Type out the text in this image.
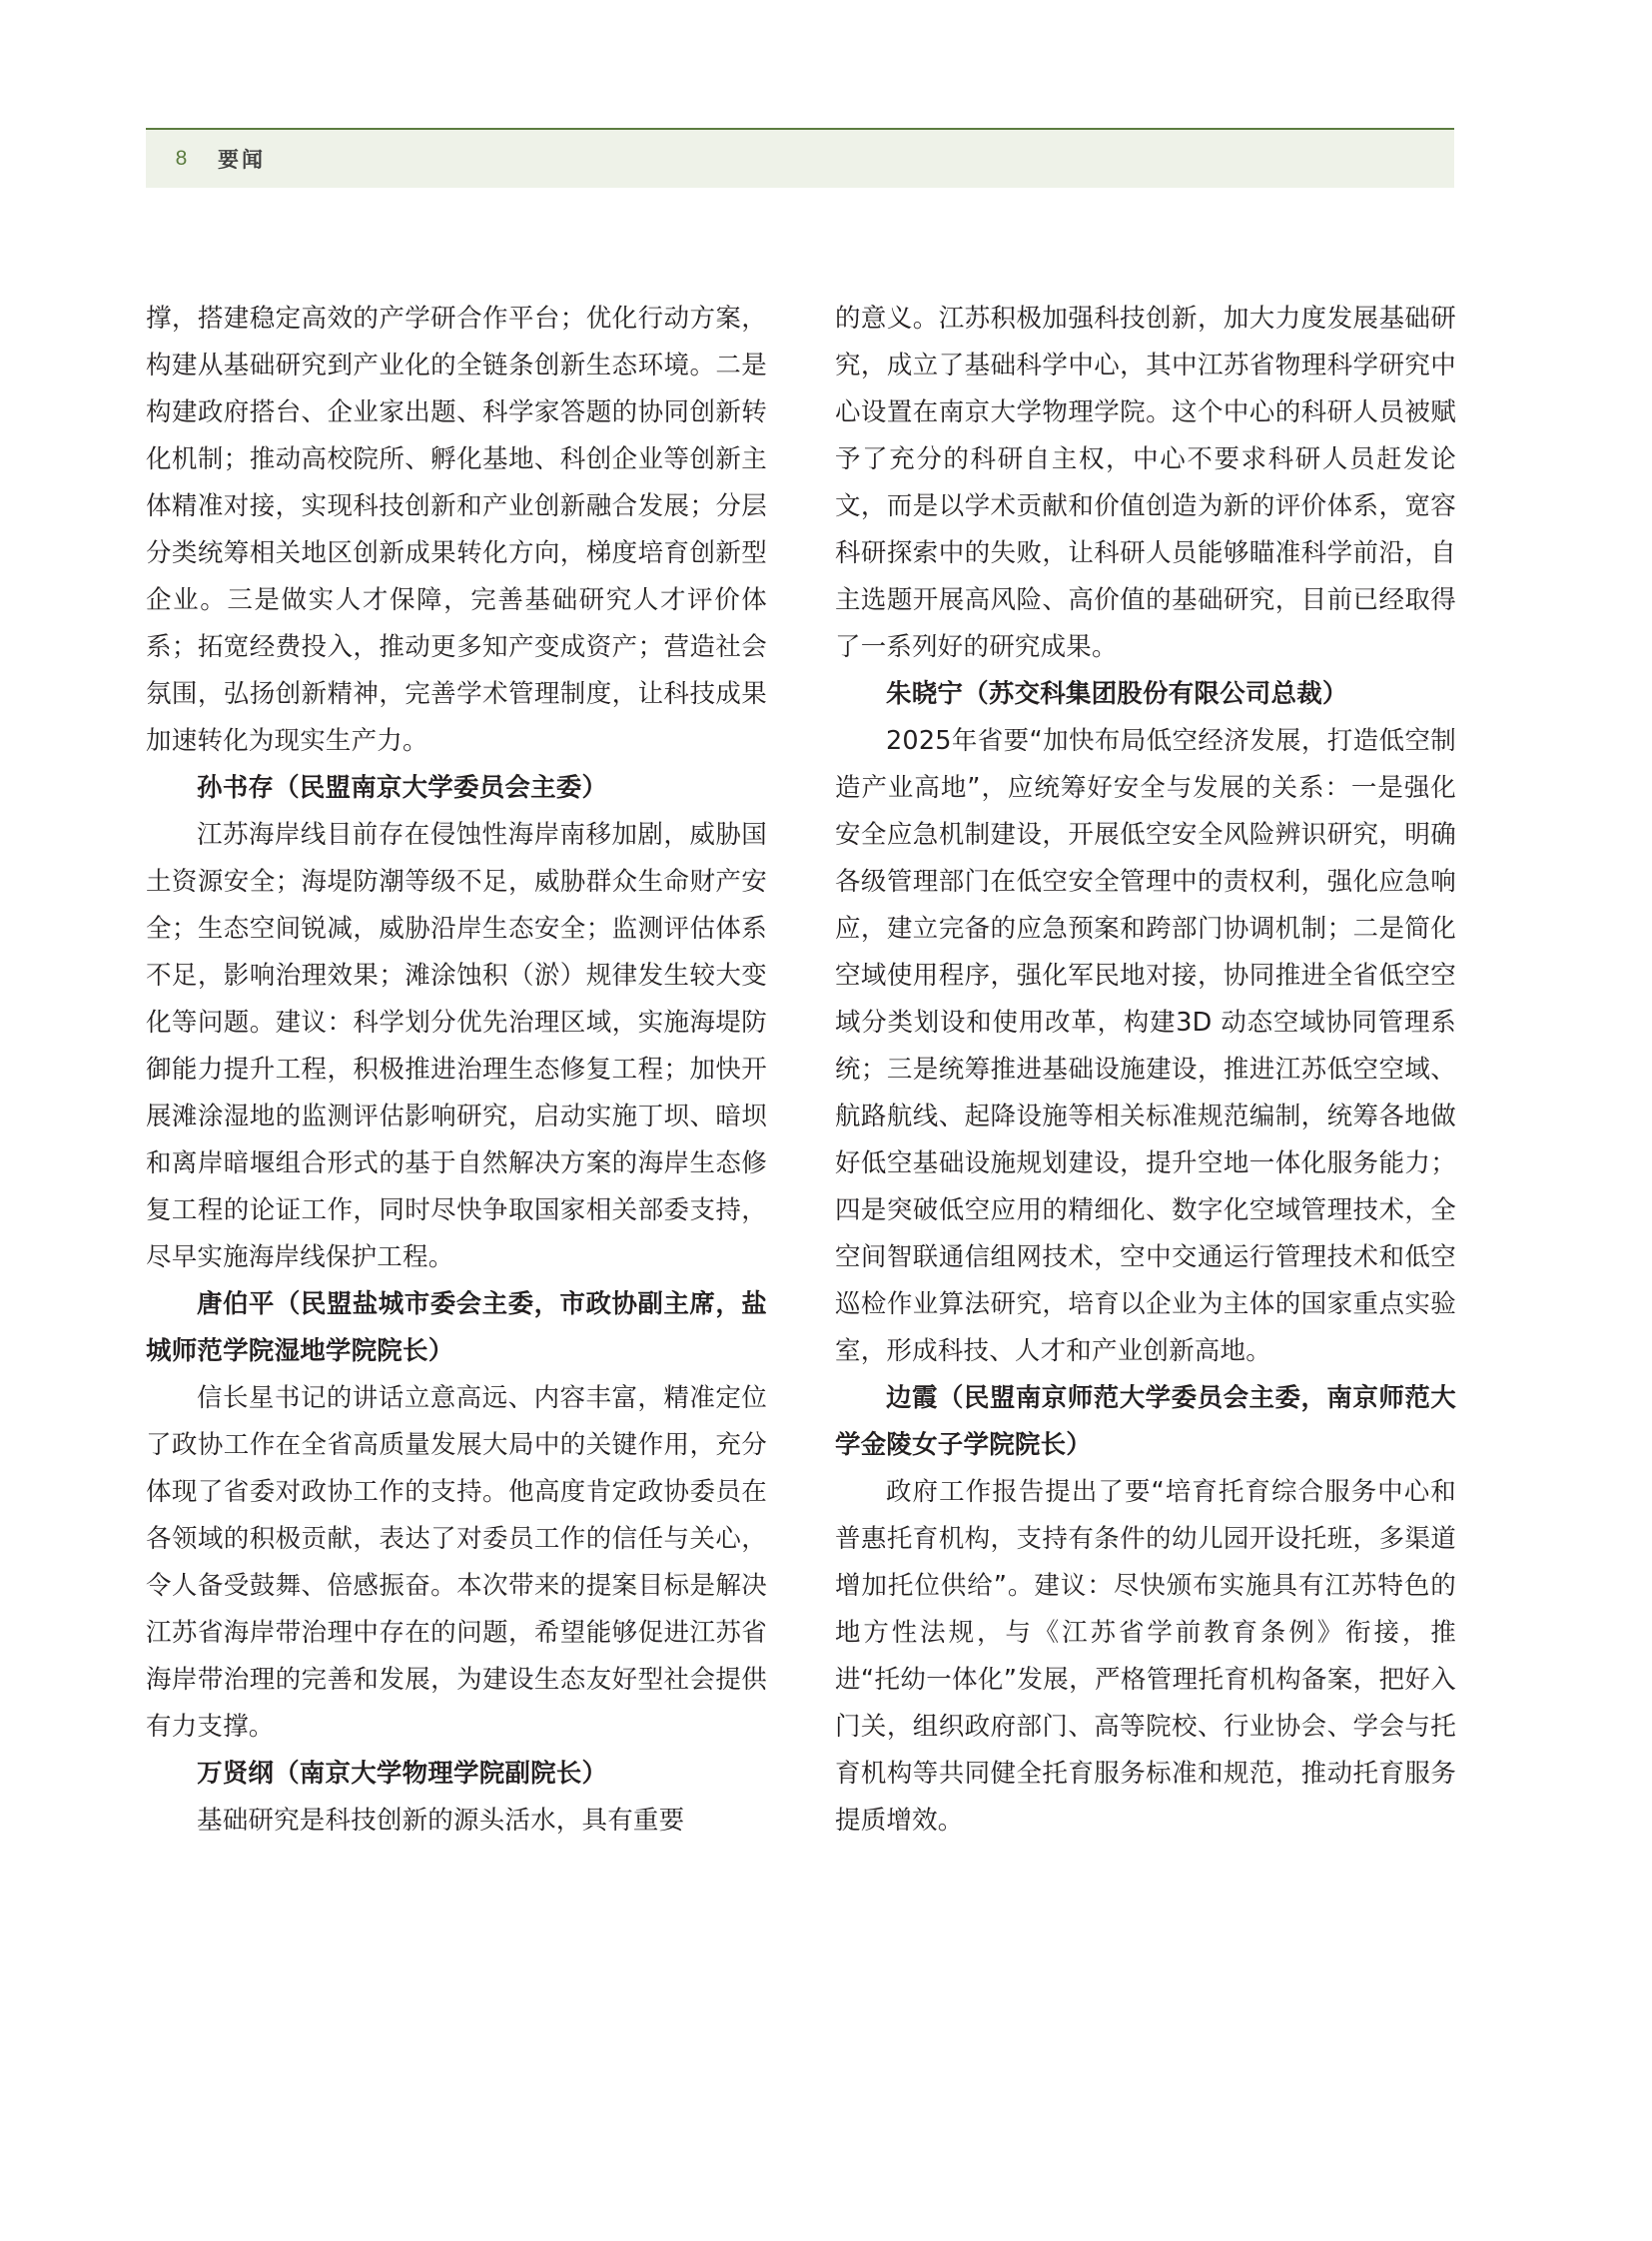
8	要闻

撑，搭建稳定高效的产学研合作平台；优化行动方案，构建从基础研究到产业化的全链条创新生态环境。二是构建政府搭台、企业家出题、科学家答题的协同创新转化机制；推动高校院所、孵化基地、科创企业等创新主体精准对接，实现科技创新和产业创新融合发展；分层分类统筹相关地区创新成果转化方向，梯度培育创新型企业。三是做实人才保障，完善基础研究人才评价体系；拓宽经费投入，推动更多知产变成资产；营造社会氛围，弘扬创新精神，完善学术管理制度，让科技成果加速转化为现实生产力。

孙书存（民盟南京大学委员会主委）

江苏海岸线目前存在侵蚀性海岸南移加剧，威胁国土资源安全；海堤防潮等级不足，威胁群众生命财产安全；生态空间锐减，威胁沿岸生态安全；监测评估体系不足，影响治理效果；滩涂蚀积（淤）规律发生较大变化等问题。建议：科学划分优先治理区域，实施海堤防御能力提升工程，积极推进治理生态修复工程；加快开展滩涂湿地的监测评估影响研究，启动实施丁坝、暗坝和离岸暗堰组合形式的基于自然解决方案的海岸生态修复工程的论证工作，同时尽快争取国家相关部委支持，尽早实施海岸线保护工程。

唐伯平（民盟盐城市委会主委，市政协副主席，盐城师范学院湿地学院院长）

信长星书记的讲话立意高远、内容丰富，精准定位了政协工作在全省高质量发展大局中的关键作用，充分体现了省委对政协工作的支持。他高度肯定政协委员在各领域的积极贡献，表达了对委员工作的信任与关心，令人备受鼓舞、倍感振奋。本次带来的提案目标是解决江苏省海岸带治理中存在的问题，希望能够促进江苏省海岸带治理的完善和发展，为建设生态友好型社会提供有力支撑。

万贤纲（南京大学物理学院副院长）

基础研究是科技创新的源头活水，具有重要

的意义。江苏积极加强科技创新，加大力度发展基础研究，成立了基础科学中心，其中江苏省物理科学研究中心设置在南京大学物理学院。这个中心的科研人员被赋予了充分的科研自主权，中心不要求科研人员赶发论文，而是以学术贡献和价值创造为新的评价体系，宽容科研探索中的失败，让科研人员能够瞄准科学前沿，自主选题开展高风险、高价值的基础研究，目前已经取得了一系列好的研究成果。

朱晓宁（苏交科集团股份有限公司总裁）

2025年省要“加快布局低空经济发展，打造低空制造产业高地”，应统筹好安全与发展的关系：一是强化安全应急机制建设，开展低空安全风险辨识研究，明确各级管理部门在低空安全管理中的责权利，强化应急响应，建立完备的应急预案和跨部门协调机制；二是简化空域使用程序，强化军民地对接，协同推进全省低空空域分类划设和使用改革，构建3D 动态空域协同管理系统；三是统筹推进基础设施建设，推进江苏低空空域、航路航线、起降设施等相关标准规范编制，统筹各地做好低空基础设施规划建设，提升空地一体化服务能力；四是突破低空应用的精细化、数字化空域管理技术，全空间智联通信组网技术，空中交通运行管理技术和低空巡检作业算法研究，培育以企业为主体的国家重点实验室，形成科技、人才和产业创新高地。

边霞（民盟南京师范大学委员会主委，南京师范大学金陵女子学院院长）

政府工作报告提出了要“培育托育综合服务中心和普惠托育机构，支持有条件的幼儿园开设托班，多渠道增加托位供给”。建议：尽快颁布实施具有江苏特色的地方性法规，与《江苏省学前教育条例》衔接，推进“托幼一体化”发展，严格管理托育机构备案，把好入门关，组织政府部门、高等院校、行业协会、学会与托育机构等共同健全托育服务标准和规范，推动托育服务提质增效。
